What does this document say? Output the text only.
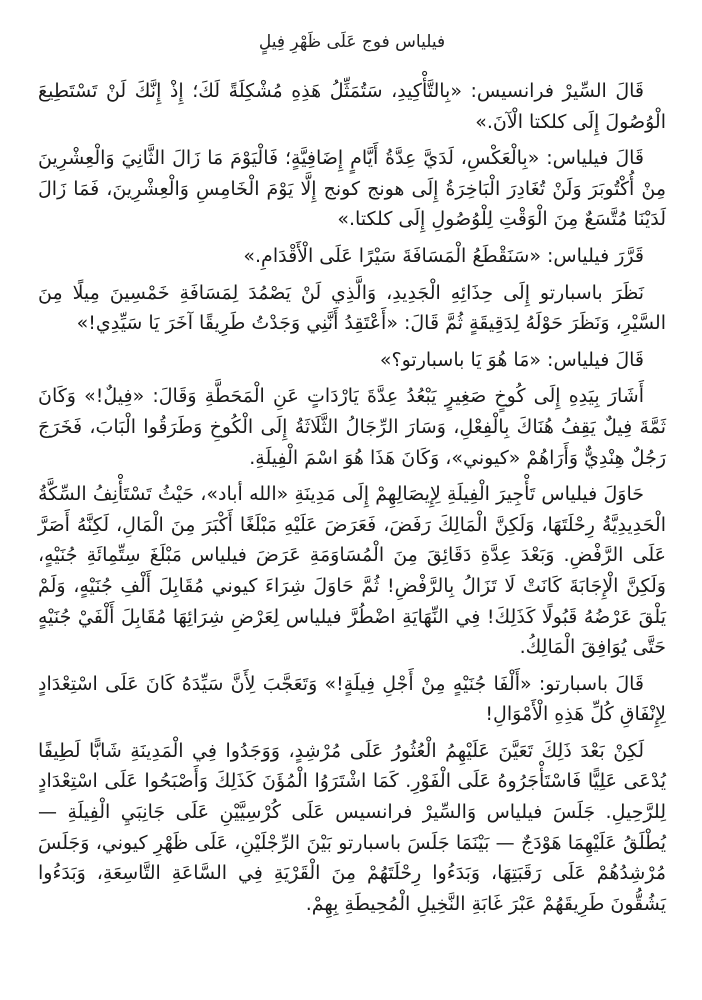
فيلياس فوج عَلَى ظَهْرِ فِيلٍ

قَالَ السِّيرْ فرانسيس: «بِالتَّأْكِيدِ، سَتُمَثِّلُ هَذِهِ مُشْكِلَةً لَكَ؛ إِذْ إِنَّكَ لَنْ تَسْتَطِيعَ الْوُصُولَ إِلَى كلكتا الْآنَ.»

قَالَ فيلياس: «بِالْعَكْسِ، لَدَيَّ عِدَّةُ أَيَّامٍ إِضَافِيَّةٍ؛ فَالْيَوْمَ مَا زَالَ الثَّانِيَ وَالْعِشْرِينَ مِنْ أُكْتُوبَرَ وَلَنْ تُغَادِرَ الْبَاخِرَةُ إِلَى هونج كونج إِلَّا يَوْمَ الْخَامِسِ وَالْعِشْرِينَ، فَمَا زَالَ لَدَيْنَا مُتَّسَعٌ مِنَ الْوَقْتِ لِلْوُصُولِ إِلَى كلكتا.»

قَرَّرَ فيلياس: «سَنَقْطَعُ الْمَسَافَةَ سَيْرًا عَلَى الْأَقْدَامِ.»

نَظَرَ باسبارتو إِلَى حِذَائِهِ الْجَدِيدِ، وَالَّذِي لَنْ يَصْمُدَ لِمَسَافَةِ خَمْسِينَ مِيلًا مِنَ السَّيْرِ، وَنَظَرَ حَوْلَهُ لِدَقِيقَةٍ ثُمَّ قَالَ: «أَعْتَقِدُ أَنَّنِي وَجَدْتُ طَرِيقًا آخَرَ يَا سَيِّدِي!»

قَالَ فيلياس: «مَا هُوَ يَا باسبارتو؟»

أَشَارَ بِيَدِهِ إِلَى كُوخٍ صَغِيرٍ يَبْعُدُ عِدَّةَ يَارْدَاتٍ عَنِ الْمَحَطَّةِ وَقَالَ: «فِيلٌ!» وَكَانَ ثَمَّةَ فِيلٌ يَقِفُ هُنَاكَ بِالْفِعْلِ، وَسَارَ الرِّجَالُ الثَّلَاثَةُ إِلَى الْكُوخِ وَطَرَقُوا الْبَابَ، فَخَرَجَ رَجُلٌ هِنْدِيٌّ وَأَرَاهُمْ «كيوني»، وَكَانَ هَذَا هُوَ اسْمَ الْفِيلَةِ.

حَاوَلَ فيلياس تَأْجِيرَ الْفِيلَةِ لِإِيصَالِهِمْ إِلَى مَدِينَةِ «الله أباد»، حَيْثُ تَسْتَأْنِفُ السِّكَّةُ الْحَدِيدِيَّةُ رِحْلَتَهَا، وَلَكِنَّ الْمَالِكَ رَفَضَ، فَعَرَضَ عَلَيْهِ مَبْلَغًا أَكْبَرَ مِنَ الْمَالِ، لَكِنَّهُ أَصَرَّ عَلَى الرَّفْضِ. وَبَعْدَ عِدَّةِ دَقَائِقَ مِنَ الْمُسَاوَمَةِ عَرَضَ فيلياس مَبْلَغَ سِتِّمِائَةِ جُنَيْهٍ، وَلَكِنَّ الْإِجَابَةَ كَانَتْ لَا تَزَالُ بِالرَّفْضِ! ثُمَّ حَاوَلَ شِرَاءَ كيوني مُقَابِلَ أَلْفِ جُنَيْهٍ، وَلَمْ يَلْقَ عَرْضُهُ قَبُولًا كَذَلِكَ! فِي النِّهَايَةِ اضْطُرَّ فيلياس لِعَرْضِ شِرَائِهَا مُقَابِلَ أَلْفَيْ جُنَيْهٍ حَتَّى يُوَافِقَ الْمَالِكُ.

قَالَ باسبارتو: «أَلْفَا جُنَيْهٍ مِنْ أَجْلِ فِيلَةٍ!» وَتَعَجَّبَ لِأَنَّ سَيِّدَهُ كَانَ عَلَى اسْتِعْدَادٍ لِإِنْفَاقِ كُلِّ هَذِهِ الْأَمْوَالِ!

لَكِنْ بَعْدَ ذَلِكَ تَعَيَّنَ عَلَيْهِمُ الْعُثُورُ عَلَى مُرْشِدٍ، وَوَجَدُوا فِي الْمَدِينَةِ شَابًّا لَطِيفًا يُدْعَى عَلِيًّا فَاسْتَأْجَرُوهُ عَلَى الْفَوْرِ. كَمَا اشْتَرَوُا الْمُؤَنَ كَذَلِكَ وَأَصْبَحُوا عَلَى اسْتِعْدَادٍ لِلرَّحِيلِ. جَلَسَ فيلياس وَالسِّيرْ فرانسيس عَلَى كُرْسِيَّيْنِ عَلَى جَانِبَيِ الْفِيلَةِ — يُطْلَقُ عَلَيْهِمَا هَوْدَجٌ — بَيْنَمَا جَلَسَ باسبارتو بَيْنَ الرِّجْلَيْنِ، عَلَى ظَهْرِ كيوني، وَجَلَسَ مُرْشِدُهُمْ عَلَى رَقَبَتِهَا، وَبَدَءُوا رِحْلَتَهُمْ مِنَ الْقَرْيَةِ فِي السَّاعَةِ التَّاسِعَةِ، وَبَدَءُوا يَشُقُّونَ طَرِيقَهُمْ عَبْرَ غَابَةِ النَّخِيلِ الْمُحِيطَةِ بِهِمْ.
